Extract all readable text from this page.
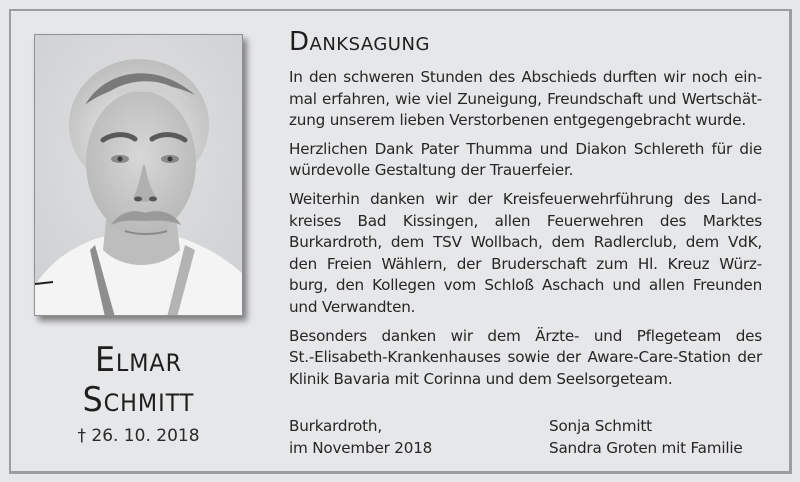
Elmar
Schmitt
† 26. 10. 2018
Danksagung

In den schweren Stunden des Abschieds durften wir noch ein-
mal erfahren, wie viel Zuneigung, Freundschaft und Wertschät-
zung unserem lieben Verstorbenen entgegengebracht wurde.

Herzlichen Dank Pater Thumma und Diakon Schlereth für die
würdevolle Gestaltung der Trauerfeier.

Weiterhin danken wir der Kreisfeuerwehrführung des Land-
kreises Bad Kissingen, allen Feuerwehren des Marktes
Burkardroth, dem TSV Wollbach, dem Radlerclub, dem VdK,
den Freien Wählern, der Bruderschaft zum Hl. Kreuz Würz-
burg, den Kollegen vom Schloß Aschach und allen Freunden
und Verwandten.

Besonders danken wir dem Ärzte- und Pflegeteam des
St.-Elisabeth-Krankenhauses sowie der Aware-Care-Station der
Klinik Bavaria mit Corinna und dem Seelsorgeteam.

Burkardroth,
im November 2018
Sonja Schmitt
Sandra Groten mit Familie
